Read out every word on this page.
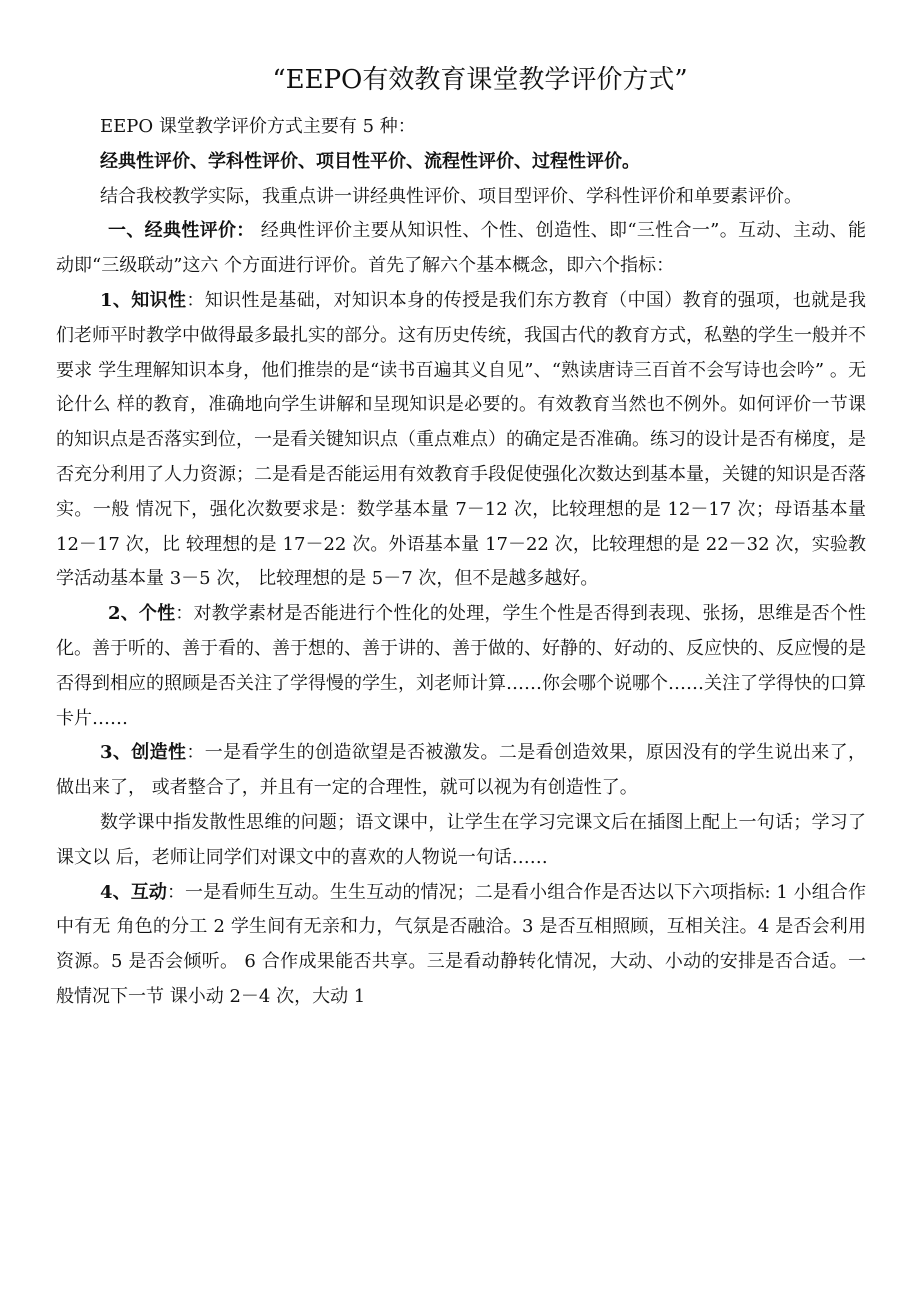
“EEPO有效教育课堂教学评价方式”

EEPO 课堂教学评价方式主要有 5 种：

经典性评价、学科性评价、项目性平价、流程性评价、过程性评价。

结合我校教学实际，我重点讲一讲经典性评价、项目型评价、学科性评价和单要素评价。

一、经典性评价： 经典性评价主要从知识性、个性、创造性、即“三性合一”。互动、主动、能动即“三级联动”这六 个方面进行评价。首先了解六个基本概念，即六个指标：

1、知识性：知识性是基础，对知识本身的传授是我们东方教育（中国）教育的强项，也就是我们老师平时教学中做得最多最扎实的部分。这有历史传统，我国古代的教育方式，私塾的学生一般并不要求 学生理解知识本身，他们推崇的是“读书百遍其义自见”、“熟读唐诗三百首不会写诗也会吟” 。无论什么 样的教育，准确地向学生讲解和呈现知识是必要的。有效教育当然也不例外。如何评价一节课的知识点是否落实到位，一是看关键知识点（重点难点）的确定是否准确。练习的设计是否有梯度，是否充分利用了人力资源；二是看是否能运用有效教育手段促使强化次数达到基本量，关键的知识是否落实。一般 情况下，强化次数要求是：数学基本量 7－12 次，比较理想的是 12－17 次；母语基本量 12－17 次，比 较理想的是 17－22 次。外语基本量 17－22 次，比较理想的是 22－32 次，实验教学活动基本量 3－5 次， 比较理想的是 5－7 次，但不是越多越好。

2、个性：对教学素材是否能进行个性化的处理，学生个性是否得到表现、张扬，思维是否个性化。善于听的、善于看的、善于想的、善于讲的、善于做的、好静的、好动的、反应快的、反应慢的是否得到相应的照顾是否关注了学得慢的学生，刘老师计算……你会哪个说哪个……关注了学得快的口算卡片……

3、创造性：一是看学生的创造欲望是否被激发。二是看创造效果，原因没有的学生说出来了，做出来了， 或者整合了，并且有一定的合理性，就可以视为有创造性了。

数学课中指发散性思维的问题；语文课中，让学生在学习完课文后在插图上配上一句话；学习了课文以 后，老师让同学们对课文中的喜欢的人物说一句话……

4、互动：一是看师生互动。生生互动的情况；二是看小组合作是否达以下六项指标: 1 小组合作中有无 角色的分工 2 学生间有无亲和力，气氛是否融洽。3 是否互相照顾，互相关注。4 是否会利用资源。5 是否会倾听。 6 合作成果能否共享。三是看动静转化情况，大动、小动的安排是否合适。一般情况下一节 课小动 2－4 次，大动 1
